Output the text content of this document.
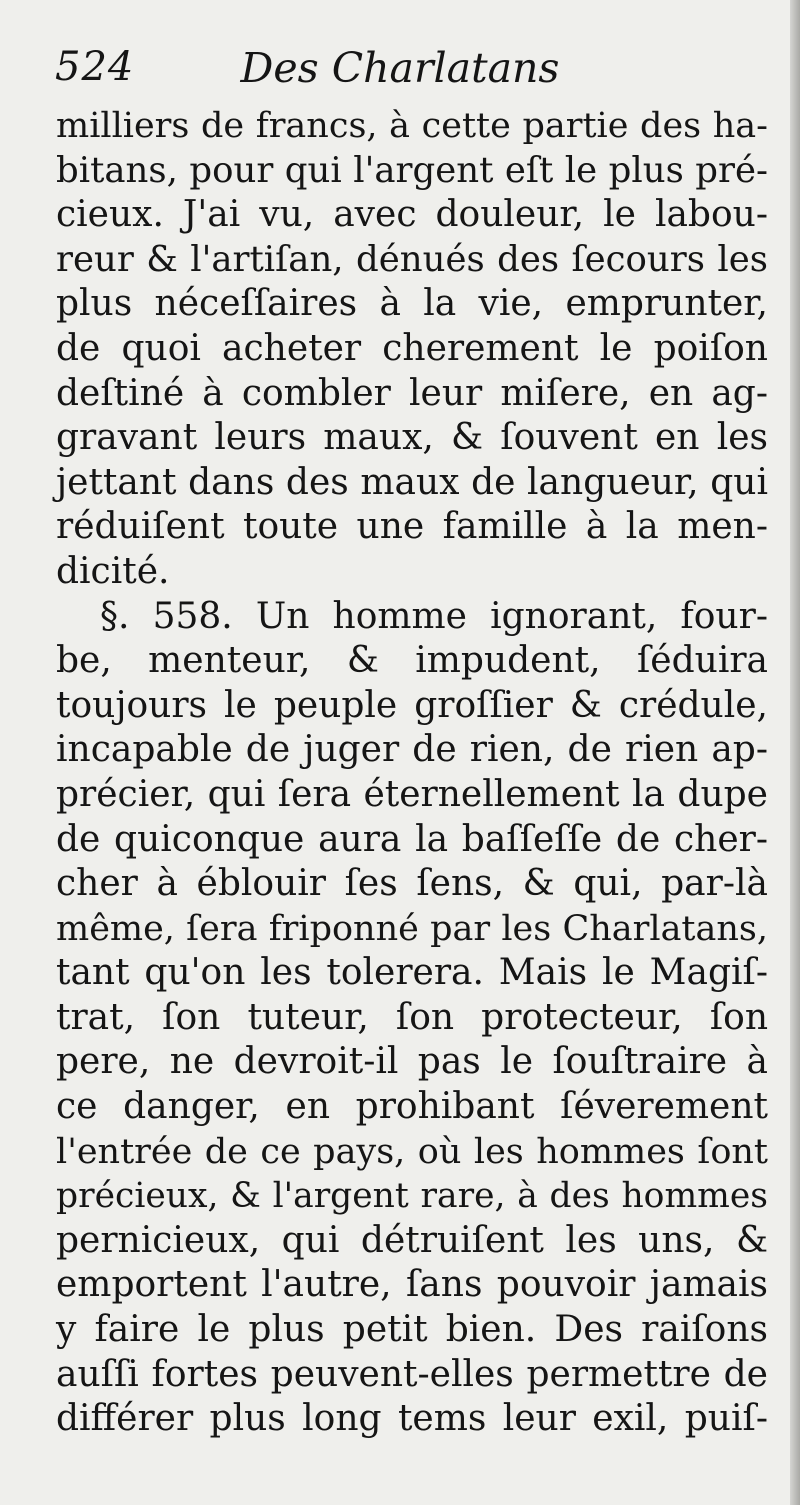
524	Des Charlatans
milliers de francs, à cette partie des ha-
bitans, pour qui l'argent eſt le plus pré-
cieux. J'ai vu, avec douleur, le labou-
reur & l'artiſan, dénués des ſecours les
plus néceſſaires à la vie, emprunter,
de quoi acheter cherement le poiſon
deſtiné à combler leur miſere, en ag-
gravant leurs maux, & ſouvent en les
jettant dans des maux de langueur, qui
réduiſent toute une famille à la men-
dicité.
§. 558. Un homme ignorant, four-
be, menteur, & impudent, ſéduira
toujours le peuple groſſier & crédule,
incapable de juger de rien, de rien ap-
précier, qui ſera éternellement la dupe
de quiconque aura la baſſeſſe de cher-
cher à éblouir ſes ſens, & qui, par-là
même, ſera friponné par les Charlatans,
tant qu'on les tolerera. Mais le Magiſ-
trat, ſon tuteur, ſon protecteur, ſon
pere, ne devroit-il pas le ſouſtraire à
ce danger, en prohibant ſéverement
l'entrée de ce pays, où les hommes ſont
précieux, & l'argent rare, à des hommes
pernicieux, qui détruiſent les uns, &
emportent l'autre, ſans pouvoir jamais
y faire le plus petit bien. Des raiſons
auſſi fortes peuvent-elles permettre de
différer plus long tems leur exil, puiſ-
